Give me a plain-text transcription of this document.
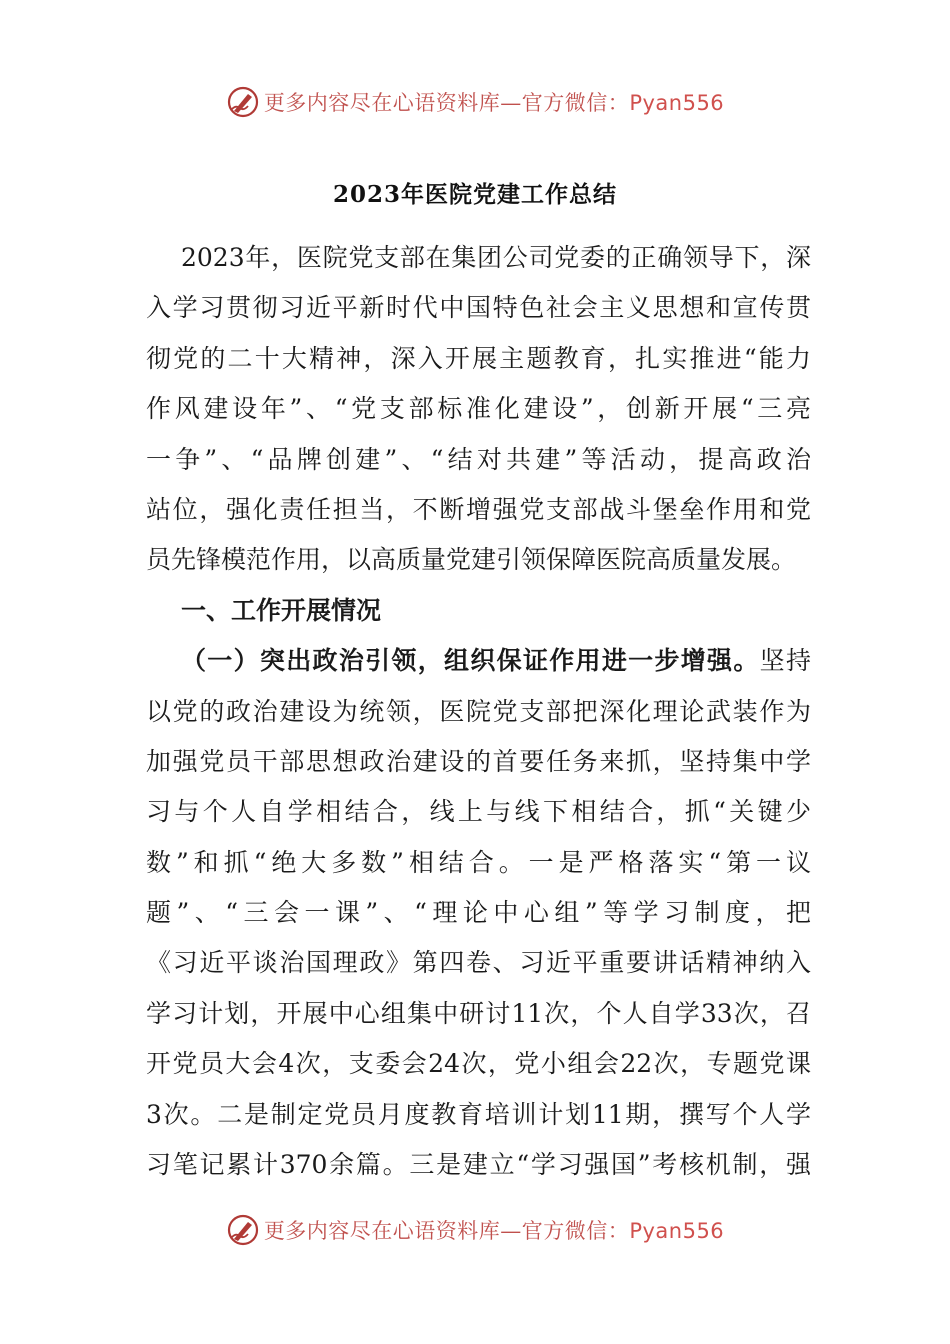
更多内容尽在心语资料库—官方微信：Pyan556
2023年医院党建工作总结
2023年，医院党支部在集团公司党委的正确领导下，深
入学习贯彻习近平新时代中国特色社会主义思想和宣传贯
彻党的二十大精神，深入开展主题教育，扎实推进“能力
作风建设年”、“党支部标准化建设”，创新开展“三亮
一争”、“品牌创建”、“结对共建”等活动，提高政治
站位，强化责任担当，不断增强党支部战斗堡垒作用和党
员先锋模范作用，以高质量党建引领保障医院高质量发展。
一、工作开展情况
（一）突出政治引领，组织保证作用进一步增强。坚持
以党的政治建设为统领，医院党支部把深化理论武装作为
加强党员干部思想政治建设的首要任务来抓，坚持集中学
习与个人自学相结合，线上与线下相结合，抓“关键少
数”和抓“绝大多数”相结合。一是严格落实“第一议
题”、“三会一课”、“理论中心组”等学习制度，把
《习近平谈治国理政》第四卷、习近平重要讲话精神纳入
学习计划，开展中心组集中研讨11次，个人自学33次，召
开党员大会4次，支委会24次，党小组会22次，专题党课
3次。二是制定党员月度教育培训计划11期，撰写个人学
习笔记累计370余篇。三是建立“学习强国”考核机制，强
更多内容尽在心语资料库—官方微信：Pyan556
